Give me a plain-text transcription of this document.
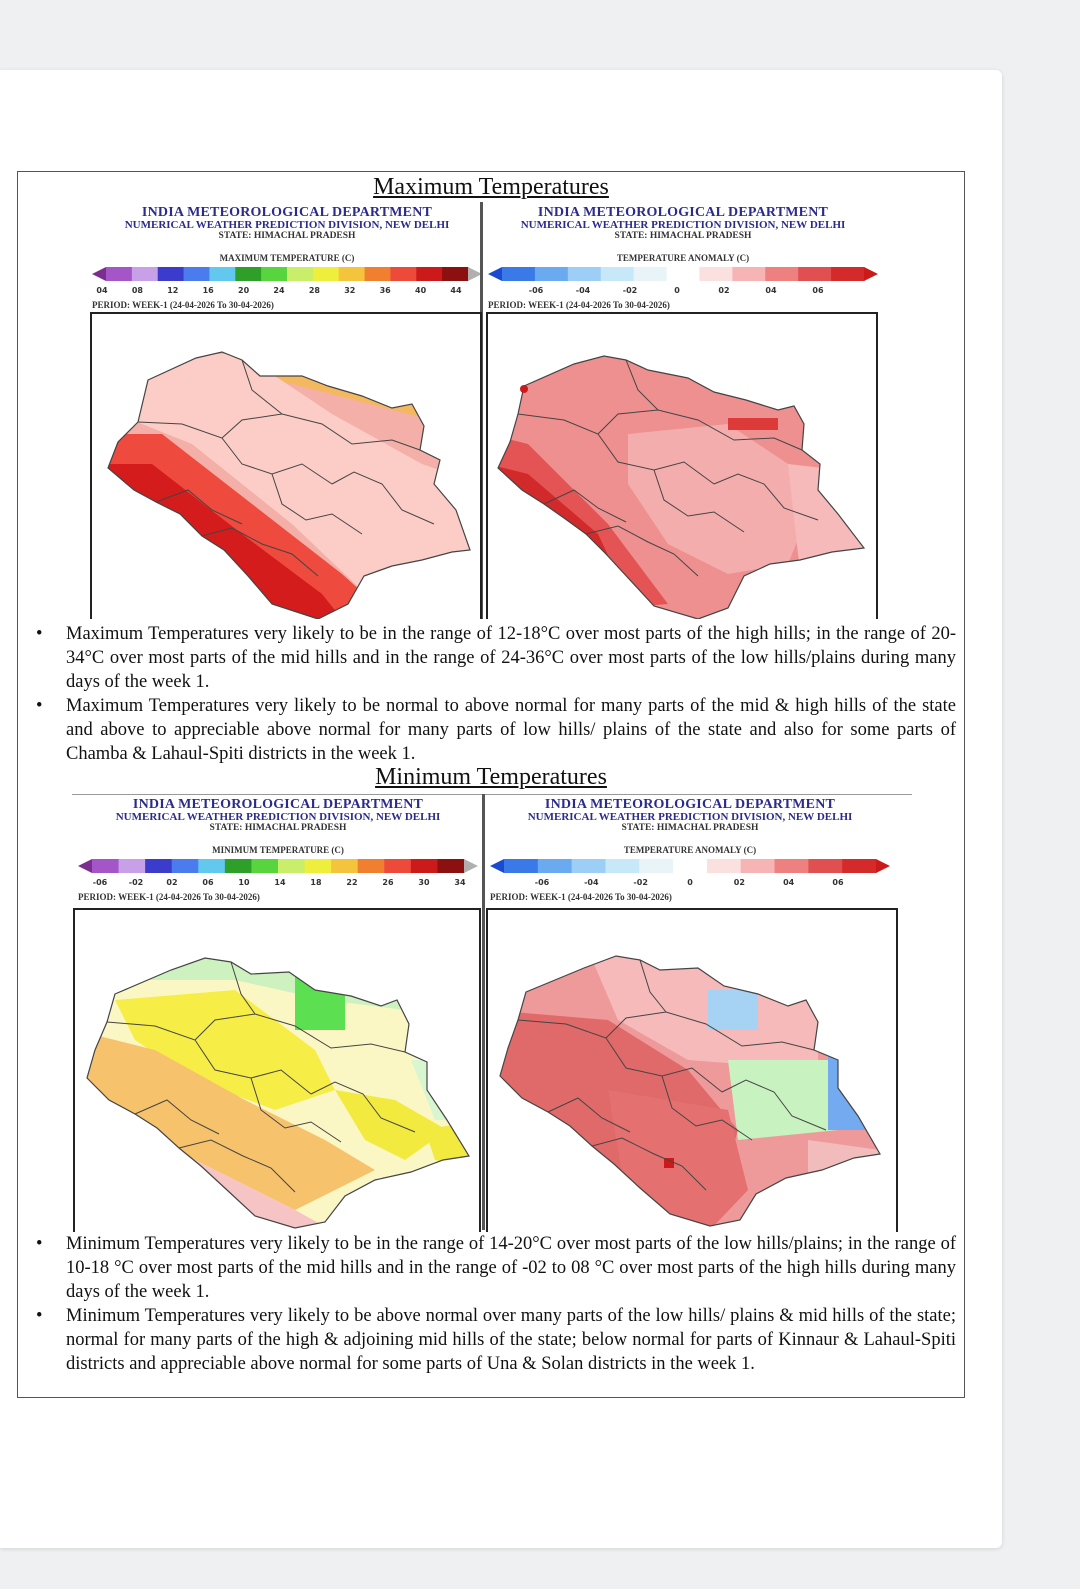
Maximum Temperatures
INDIA METEOROLOGICAL DEPARTMENT
NUMERICAL WEATHER PREDICTION DIVISION, NEW DELHI
STATE: HIMACHAL PRADESH
MAXIMUM TEMPERATURE (C)
04	08	12	16	20	24	28	32	36	40	44
PERIOD: WEEK-1 (24-04-2026 To 30-04-2026)
INDIA METEOROLOGICAL DEPARTMENT
NUMERICAL WEATHER PREDICTION DIVISION, NEW DELHI
STATE: HIMACHAL PRADESH
TEMPERATURE ANOMALY (C)
-06	-04	-02	0	02	04	06
PERIOD: WEEK-1 (24-04-2026 To 30-04-2026)
• Maximum Temperatures very likely to be in the range of 12-18°C over most parts of the high hills; in the range of 20-34°C over most parts of the mid hills and in the range of 24-36°C over most parts of the low hills/plains during many days of the week 1.
• Maximum Temperatures very likely to be normal to above normal for many parts of the mid & high hills of the state and above to appreciable above normal for many parts of low hills/ plains of the state and also for some parts of Chamba & Lahaul-Spiti districts in the week 1.
Minimum Temperatures
INDIA METEOROLOGICAL DEPARTMENT
NUMERICAL WEATHER PREDICTION DIVISION, NEW DELHI
STATE: HIMACHAL PRADESH
MINIMUM TEMPERATURE (C)
-06	-02	02	06	10	14	18	22	26	30	34
PERIOD: WEEK-1 (24-04-2026 To 30-04-2026)
INDIA METEOROLOGICAL DEPARTMENT
NUMERICAL WEATHER PREDICTION DIVISION, NEW DELHI
STATE: HIMACHAL PRADESH
TEMPERATURE ANOMALY (C)
-06	-04	-02	0	02	04	06
PERIOD: WEEK-1 (24-04-2026 To 30-04-2026)
• Minimum Temperatures very likely to be in the range of 14-20°C over most parts of the low hills/plains; in the range of 10-18 °C over most parts of the mid hills and in the range of -02 to 08 °C over most parts of the high hills during many days of the week 1.
• Minimum Temperatures very likely to be above normal over many parts of the low hills/ plains & mid hills of the state; normal for many parts of the high & adjoining mid hills of the state; below normal for parts of Kinnaur & Lahaul-Spiti districts and appreciable above normal for some parts of Una & Solan districts in the week 1.
